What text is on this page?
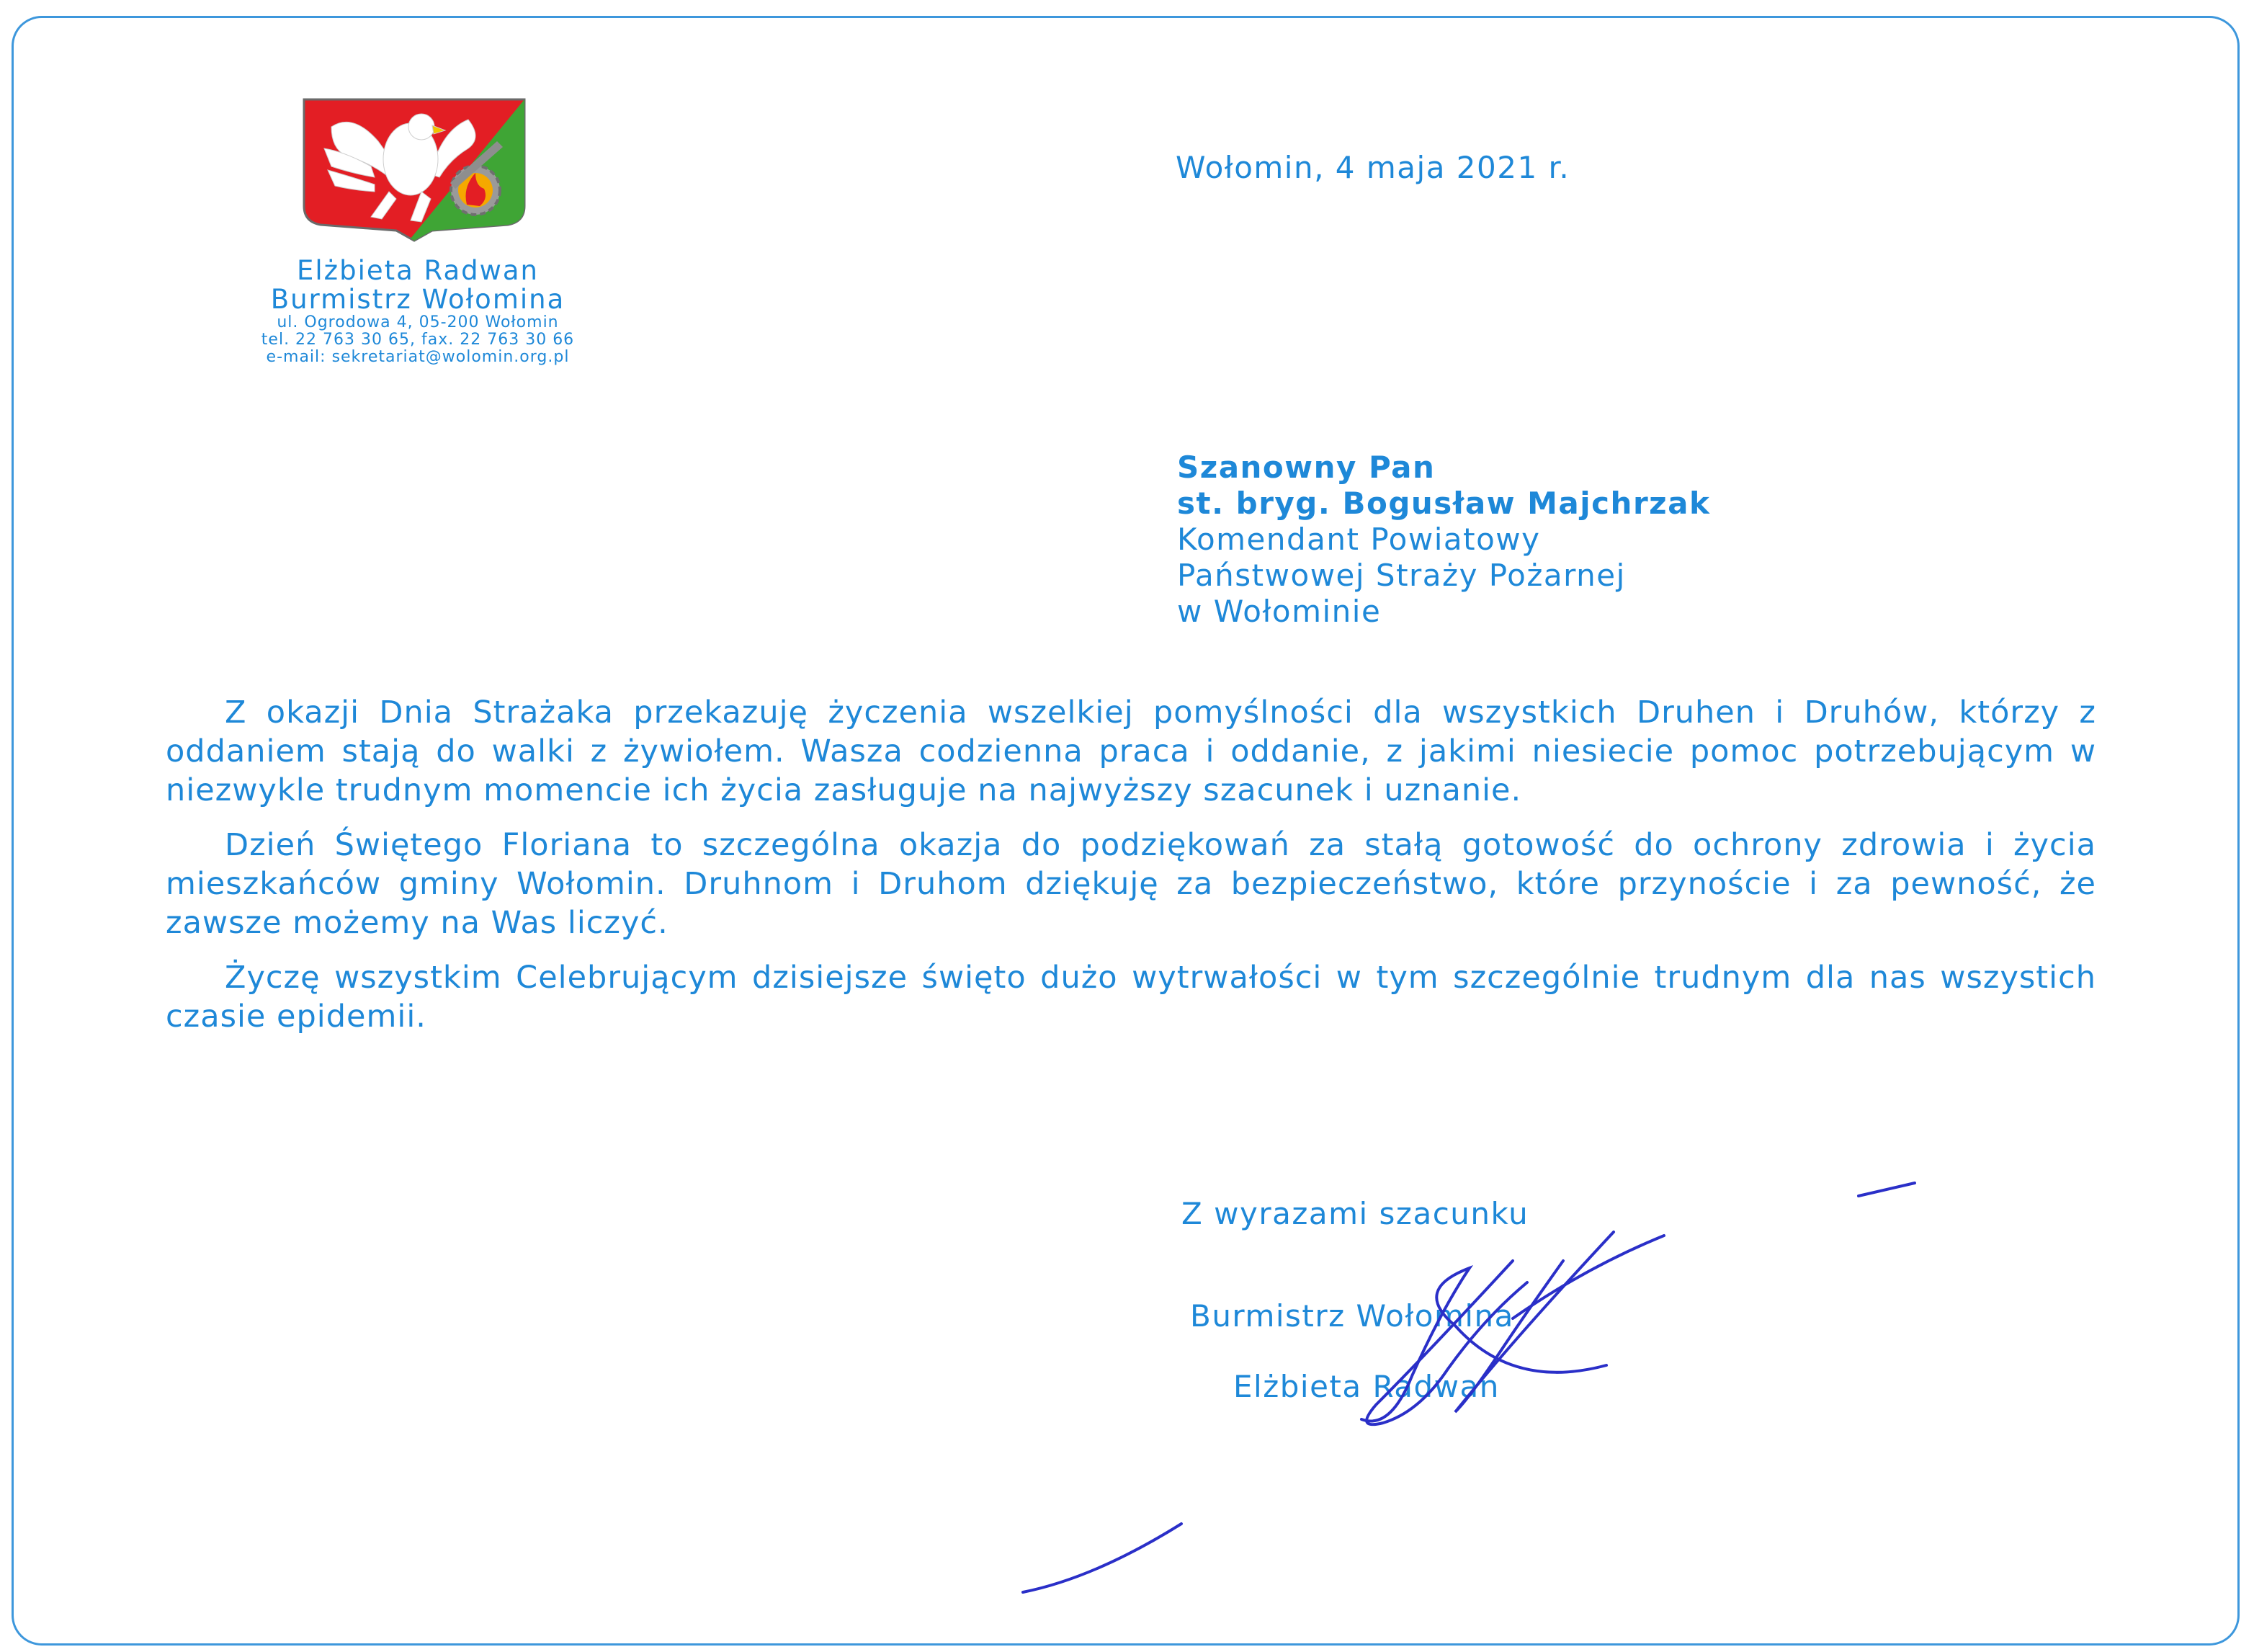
Elżbieta Radwan
Burmistrz Wołomina
ul. Ogrodowa 4, 05-200 Wołomin
tel. 22 763 30 65, fax. 22 763 30 66
e-mail: sekretariat@wolomin.org.pl
Wołomin, 4 maja 2021 r.
Szanowny Pan
st. bryg. Bogusław Majchrzak
Komendant Powiatowy
Państwowej Straży Pożarnej
w Wołominie

Z okazji Dnia Strażaka przekazuję życzenia wszelkiej pomyślności dla wszystkich Druhen i Druhów, którzy z oddaniem stają do walki z żywiołem. Wasza codzienna praca i oddanie, z jakimi niesiecie pomoc potrzebującym w niezwykle trudnym momencie ich życia zasługuje na najwyższy szacunek i uznanie.

Dzień Świętego Floriana to szczególna okazja do podziękowań za stałą gotowość do ochrony zdrowia i życia mieszkańców gminy Wołomin. Druhnom i Druhom dziękuję za bezpieczeństwo, które przynoście i za pewność, że zawsze możemy na Was liczyć.

Życzę wszystkim Celebrującym dzisiejsze święto dużo wytrwałości w tym szczególnie trudnym dla nas wszystich czasie epidemii.

Z wyrazami szacunku
Burmistrz Wołomina
Elżbieta Radwan
